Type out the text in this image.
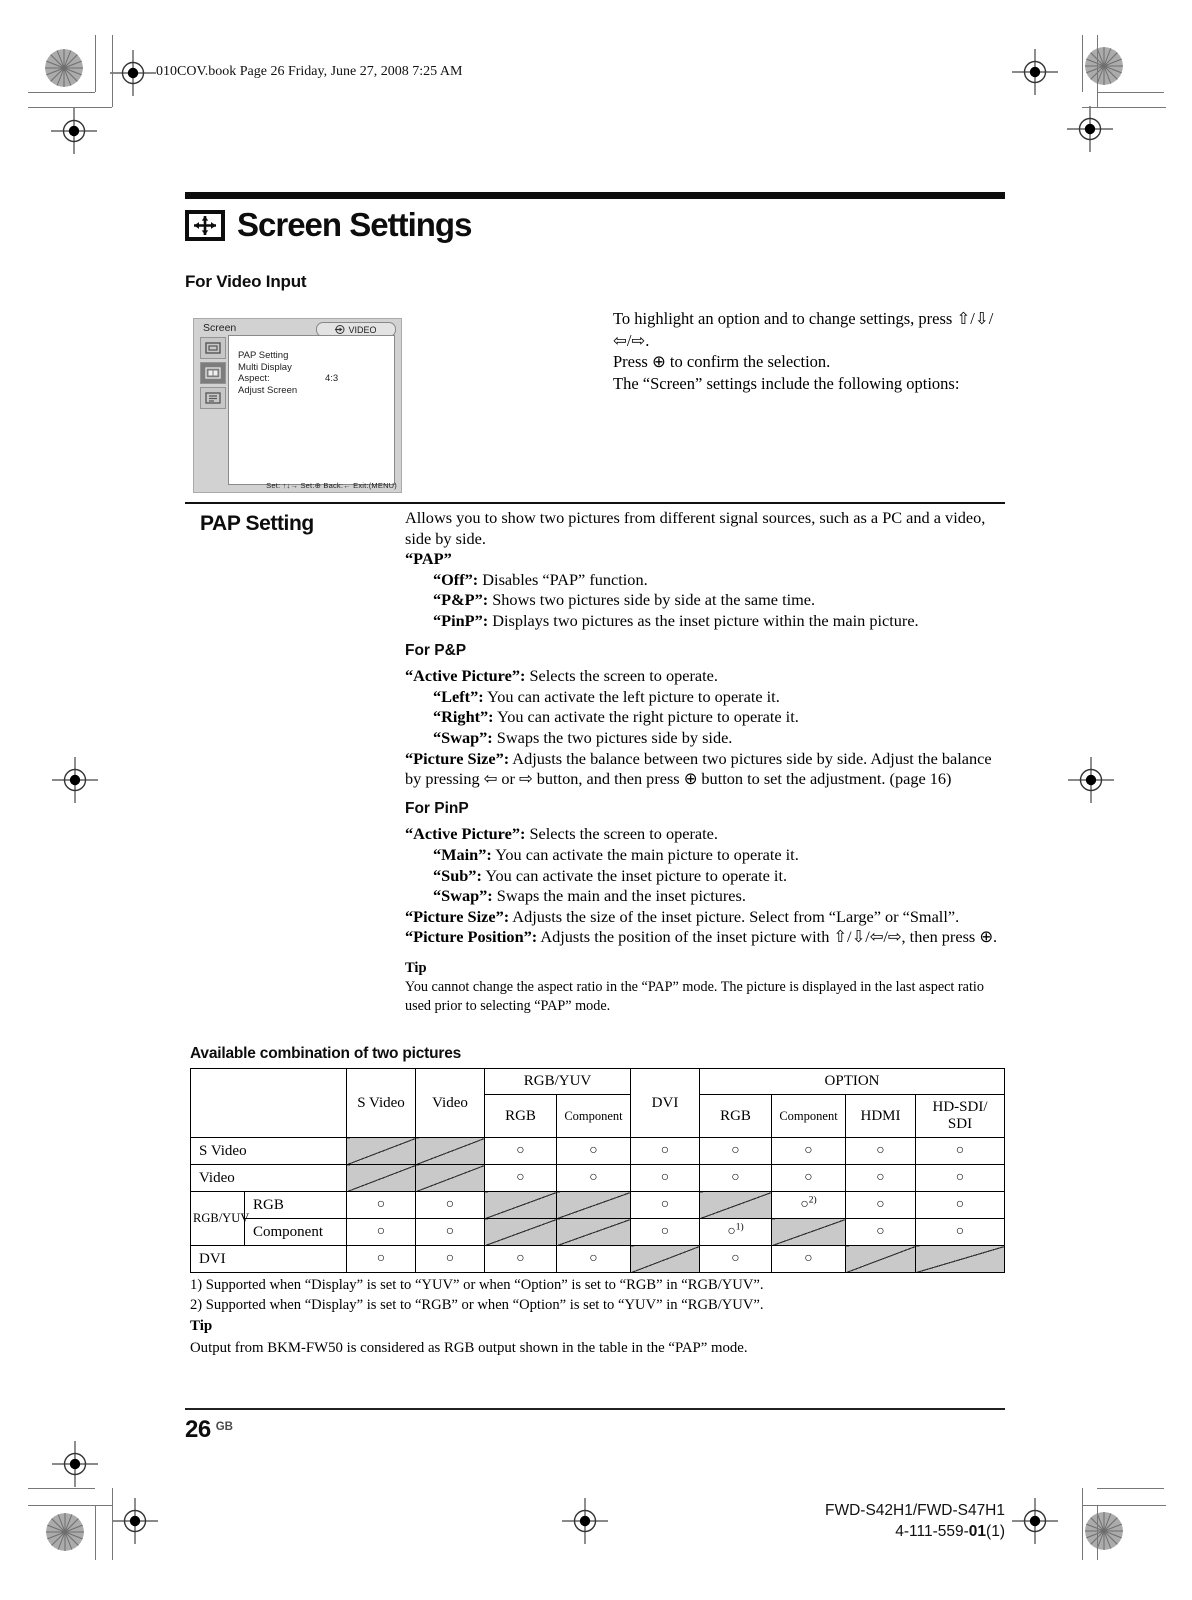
010COV.book Page 26 Friday, June 27, 2008 7:25 AM
Screen Settings
For Video Input
Screen	VIDEO
PAP Setting
Multi Display
Aspect:	4:3
Adjust Screen
Set: ↑↓→ Set:⊕ Back:← Exit:(MENU)
To highlight an option and to change settings, press ⇧/⇩/⇦/⇨.
Press ⊕ to confirm the selection.
The “Screen” settings include the following options:
PAP Setting	Allows you to show two pictures from different signal sources, such as a PC and a video, side by side.
“PAP”
“Off”: Disables “PAP” function.
“P&P”: Shows two pictures side by side at the same time.
“PinP”: Displays two pictures as the inset picture within the main picture.
For P&P
“Active Picture”: Selects the screen to operate.
“Left”: You can activate the left picture to operate it.
“Right”: You can activate the right picture to operate it.
“Swap”: Swaps the two pictures side by side.
“Picture Size”: Adjusts the balance between two pictures side by side. Adjust the balance by pressing ⇦ or ⇨ button, and then press ⊕ button to set the adjustment. (page 16)
For PinP
“Active Picture”: Selects the screen to operate.
“Main”: You can activate the main picture to operate it.
“Sub”: You can activate the inset picture to operate it.
“Swap”: Swaps the main and the inset pictures.
“Picture Size”: Adjusts the size of the inset picture. Select from “Large” or “Small”.
“Picture Position”: Adjusts the position of the inset picture with ⇧/⇩/⇦/⇨, then press ⊕.
Tip
You cannot change the aspect ratio in the “PAP” mode. The picture is displayed in the last aspect ratio used prior to selecting “PAP” mode.
Available combination of two pictures
		S Video	Video	RGB/YUV		DVI	OPTION			
				RGB	Component		RGB	Component	HDMI	HD-SDI/
SDI
S Video				○	○	○	○	○	○	○
Video				○	○	○	○	○	○	○
RGB/YUV	RGB	○	○			○		○$^{2)}$	○	○
	Component	○	○			○	○$^{1)}$		○	○
DVI		○	○	○	○		○	○		
1) Supported when “Display” is set to “YUV” or when “Option” is set to “RGB” in “RGB/YUV”.
2) Supported when “Display” is set to “RGB” or when “Option” is set to “YUV” in “RGB/YUV”.
Tip
Output from BKM-FW50 is considered as RGB output shown in the table in the “PAP” mode.
26 GB
FWD-S42H1/FWD-S47H1
4-111-559-01(1)
